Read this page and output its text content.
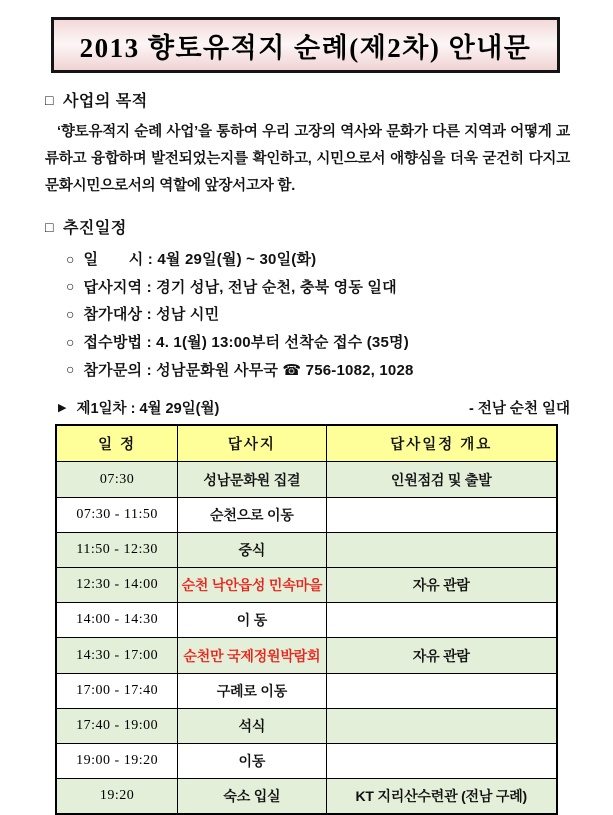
2013 향토유적지 순례(제2차) 안내문
□ 사업의 목적

‘향토유적지 순례 사업’을 통하여 우리 고장의 역사와 문화가 다른 지역과 어떻게 교류하고 융합하며 발전되었는지를 확인하고, 시민으로서 애향심을 더욱 굳건히 다지고 문화시민으로서의 역할에 앞장서고자 함.

□ 추진일정
○ 일       시 : 4월 29일(월) ~ 30일(화)
○ 답사지역 : 경기 성남, 전남 순천, 충북 영동 일대
○ 참가대상 : 성남 시민
○ 접수방법 : 4. 1(월) 13:00부터 선착순 접수 (35명)
○ 참가문의 : 성남문화원 사무국 ☎ 756-1082, 1028
▶ 제1일차 : 4월 29일(월)	- 전남 순천 일대
일 정	답사지	답사일정 개요
07:30	성남문화원 집결	인원점검 및 출발
07:30 - 11:50	순천으로 이동	
11:50 - 12:30	중식	
12:30 - 14:00	순천 낙안읍성 민속마을	자유 관람
14:00 - 14:30	이 동	
14:30 - 17:00	순천만 국제정원박람회	자유 관람
17:00 - 17:40	구례로 이동	
17:40 - 19:00	석식	
19:00 - 19:20	이동	
19:20	숙소 입실	KT 지리산수련관 (전남 구례)
